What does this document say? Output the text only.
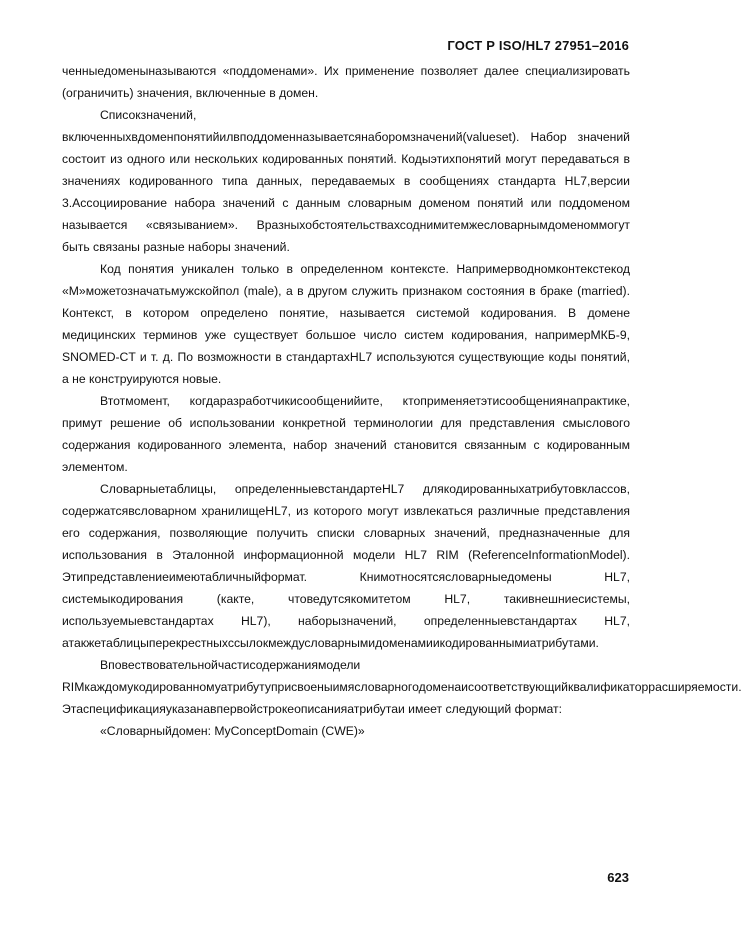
ГОСТ Р ISO/HL7 27951–2016

ченныедоменыназываются «поддоменами». Их применение позволяет далее специализировать (ограничить) значения, включенные в домен.

Списокзначений, включенныхвдоменпонятийилвподдоменназываетсянаборомзначений(valueset). Набор значений состоит из одного или нескольких кодированных понятий. Кодыэтихпонятий могут передаваться в значениях кодированного типа данных, передаваемых в сообщениях стандарта HL7,версии 3.Ассоциирование набора значений с данным словарным доменом понятий или поддоменом называется «связыванием». Вразныхобстоятельствахсоднимитемжесловарнымдоменоммогут быть связаны разные наборы значений.

Код понятия уникален только в определенном контексте. Напримерводномконтекстекод «М»можетозначатьмужскойпол (male), а в другом служить признаком состояния в браке (married). Контекст, в котором определено понятие, называется системой кодирования. В домене медицинских терминов уже существует большое число систем кодирования, напримерМКБ-9, SNOMED-CT и т. д. По возможности в стандартахHL7 используются существующие коды понятий, а не конструируются новые.

Втотмомент, когдаразработчикисообщенийите, ктоприменяетэтисообщениянапрактике, примут решение об использовании конкретной терминологии для представления смыслового содержания кодированного элемента, набор значений становится связанным с кодированным элементом.

Словарныетаблицы, определенныевстандартеHL7 длякодированныхатрибутовклассов, содержатсявсловарном хранилищеHL7, из которого могут извлекаться различные представления его содержания, позволяющие получить списки словарных значений, предназначенные для использования в Эталонной информационной модели HL7 RIM (ReferenceInformationModel). Этипредставлениеимеютабличныйформат. Книмотносятсясловарныедомены HL7, системыкодирования (какте, чтоведутсякомитетом HL7, такивнешниесистемы, используемыевстандартах HL7), наборызначений, определенныевстандартах HL7, атакжетаблицыперекрестныхссылокмеждусловарнымидоменамиикодированнымиатрибутами.

Вповествовательнойчастисодержаниямодели RIMкаждомукодированномуатрибутуприсвоеныимясловарногодоменаисоответствующийквалификаторрасширяемости. Этаспецификацияуказанавпервойстрокеописанияатрибутаи имеет следующий формат:

«Словарныйдомен: MyConceptDomain (CWE)»

623
